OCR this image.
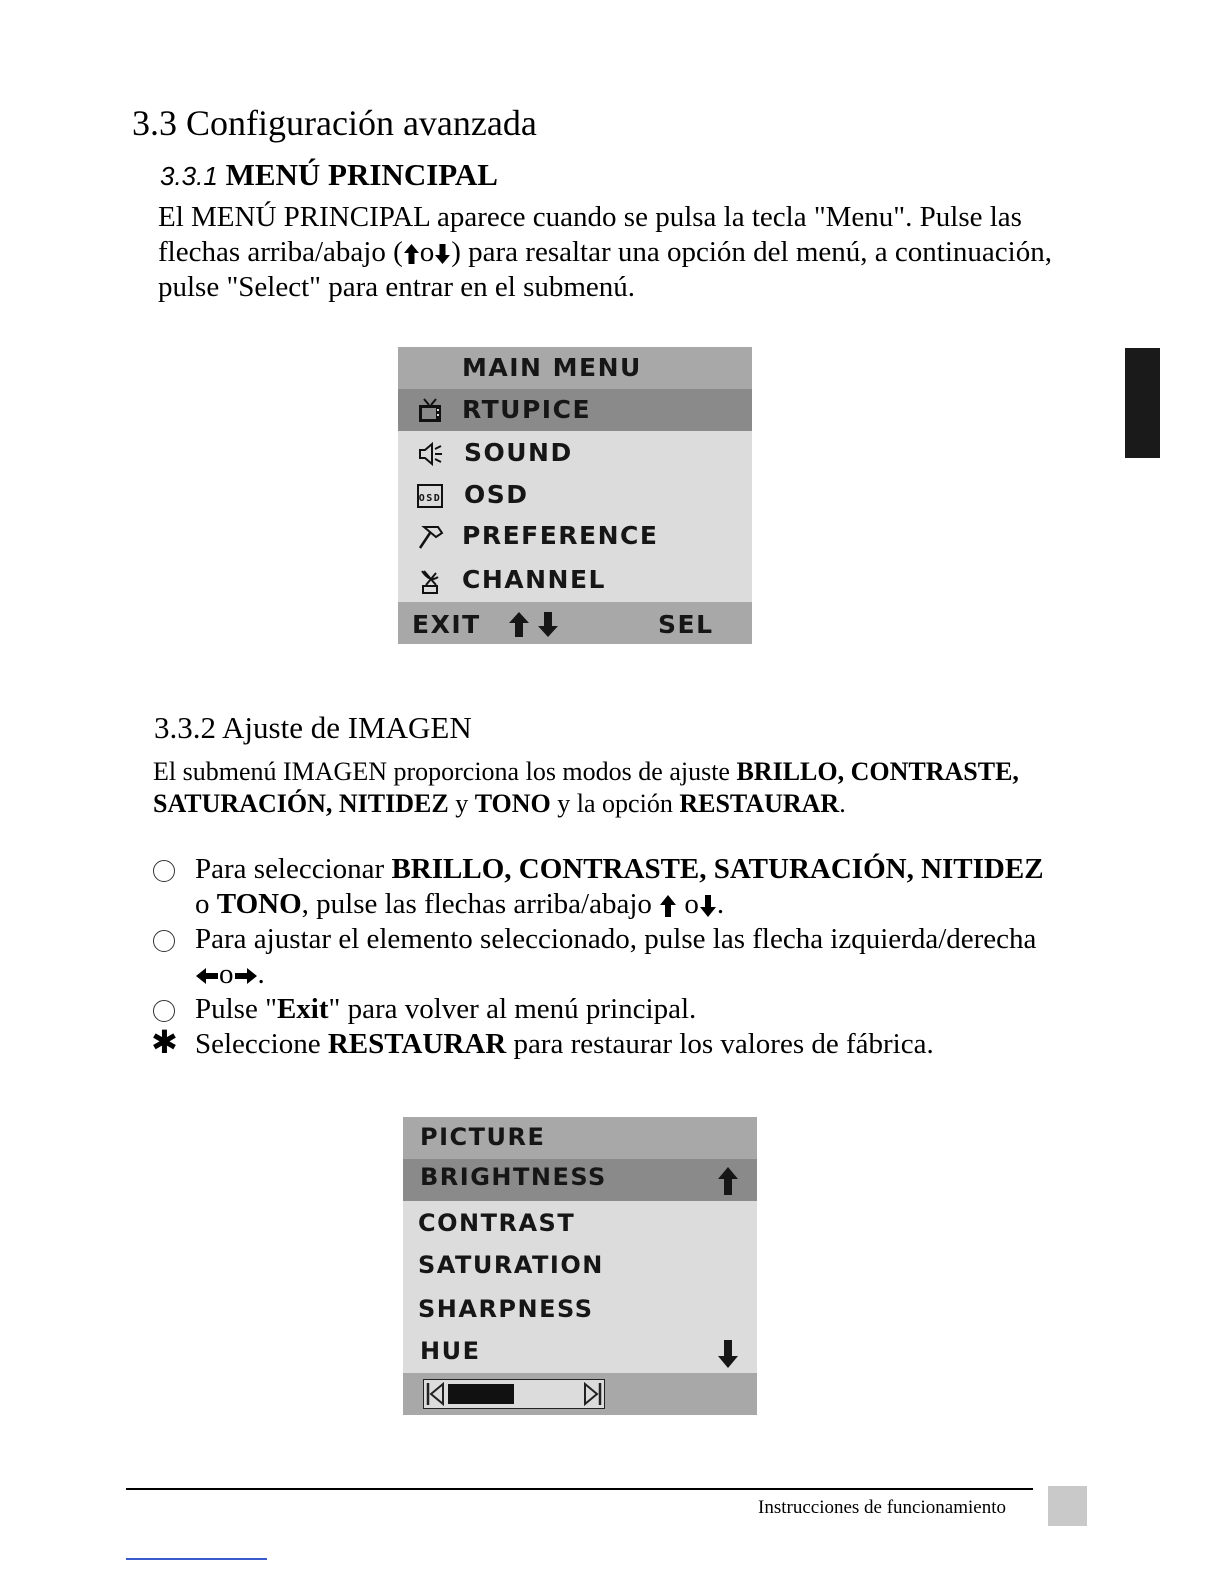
3.3 Configuración avanzada
3.3.1 MENÚ PRINCIPAL
El MENÚ PRINCIPAL aparece cuando se pulsa la tecla "Menu". Pulse las flechas arriba/abajo ( o ) para resaltar una opción del menú, a continuación, pulse "Select" para entrar en el submenú.
MAIN MENU
RTUPICE
SOUND
OSD OSD
PREFERENCE
CHANNEL
EXIT	SEL
3.3.2 Ajuste de IMAGEN
El submenú IMAGEN proporciona los modos de ajuste BRILLO, CONTRASTE, SATURACIÓN, NITIDEZ y TONO y la opción RESTAURAR.
Para seleccionar BRILLO, CONTRASTE, SATURACIÓN, NITIDEZ o TONO, pulse las flechas arriba/abajo  o .
Para ajustar el elemento seleccionado, pulse las flecha izquierda/derechao .
Pulse "Exit" para volver al menú principal.
✱ Seleccione RESTAURAR para restaurar los valores de fábrica.
PICTURE
BRIGHTNESS
CONTRAST
SATURATION
SHARPNESS
HUE
Instrucciones de funcionamiento
